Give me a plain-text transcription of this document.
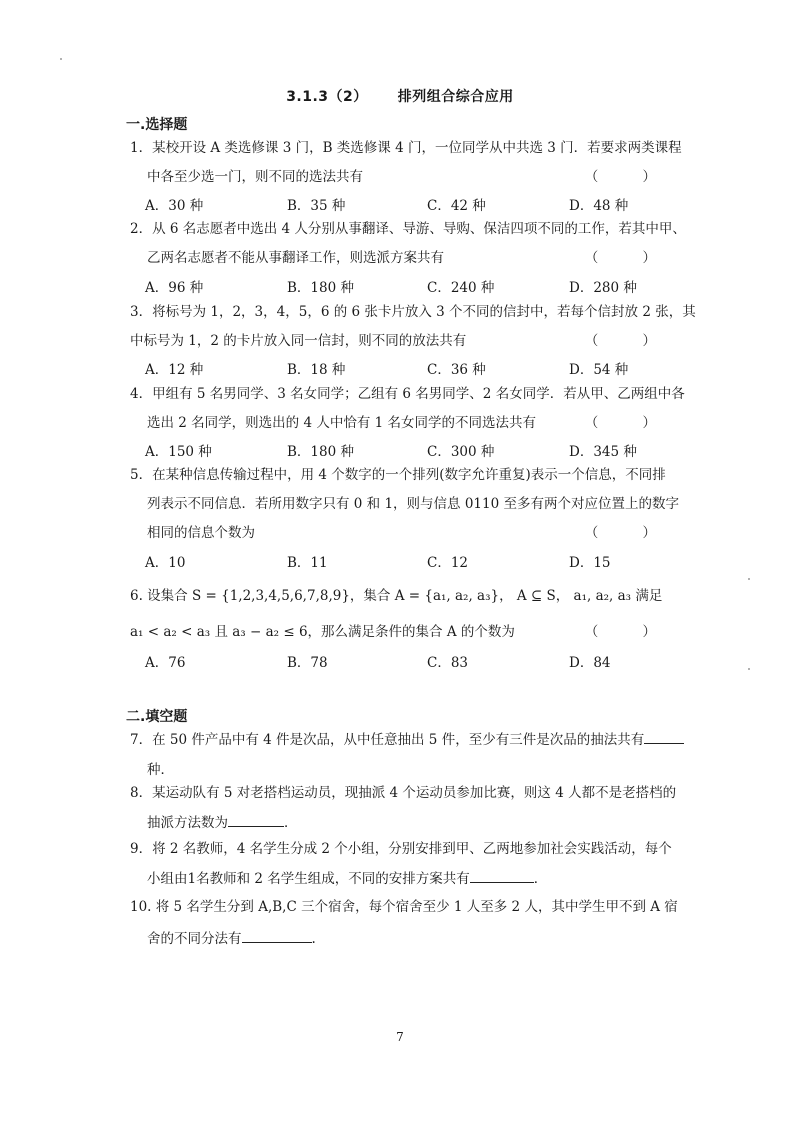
3.1.3（2） 排列组合综合应用
一.选择题
1．某校开设 A 类选修课 3 门，B 类选修课 4 门，一位同学从中共选 3 门．若要求两类课程
中各至少选一门，则不同的选法共有	（ ）
A．30 种	B．35 种	C．42 种	D．48 种
2．从 6 名志愿者中选出 4 人分别从事翻译、导游、导购、保洁四项不同的工作，若其中甲、
乙两名志愿者不能从事翻译工作，则选派方案共有	（ ）
A．96 种	B．180 种	C．240 种	D．280 种
3．将标号为 1，2，3，4，5，6 的 6 张卡片放入 3 个不同的信封中，若每个信封放 2 张，其
中标号为 1，2 的卡片放入同一信封，则不同的放法共有	（ ）
A．12 种	B．18 种	C．36 种	D．54 种
4．甲组有 5 名男同学、3 名女同学；乙组有 6 名男同学、2 名女同学．若从甲、乙两组中各
选出 2 名同学，则选出的 4 人中恰有 1 名女同学的不同选法共有	（ ）
A．150 种	B．180 种	C．300 种	D．345 种
5．在某种信息传输过程中，用 4 个数字的一个排列(数字允许重复)表示一个信息，不同排
列表示不同信息．若所用数字只有 0 和 1，则与信息 0110 至多有两个对应位置上的数字
相同的信息个数为	（ ）
A．10	B．11	C．12	D．15
6. 设集合 S = {1,2,3,4,5,6,7,8,9}，集合 A = {a₁, a₂, a₃}， A ⊆ S， a₁, a₂, a₃ 满足
a₁ < a₂ < a₃ 且 a₃ − a₂ ≤ 6，那么满足条件的集合 A 的个数为	（ ）
A．76	B．78	C．83	D．84
二.填空题
7．在 50 件产品中有 4 件是次品，从中任意抽出 5 件，至少有三件是次品的抽法共有
种．
8．某运动队有 5 对老搭档运动员，现抽派 4 个运动员参加比赛，则这 4 人都不是老搭档的
抽派方法数为	．
9．将 2 名教师，4 名学生分成 2 个小组，分别安排到甲、乙两地参加社会实践活动，每个
小组由1名教师和 2 名学生组成，不同的安排方案共有	．
10. 将 5 名学生分到 A,B,C 三个宿舍，每个宿舍至少 1 人至多 2 人，其中学生甲不到 A 宿
舍的不同分法有	.
7
